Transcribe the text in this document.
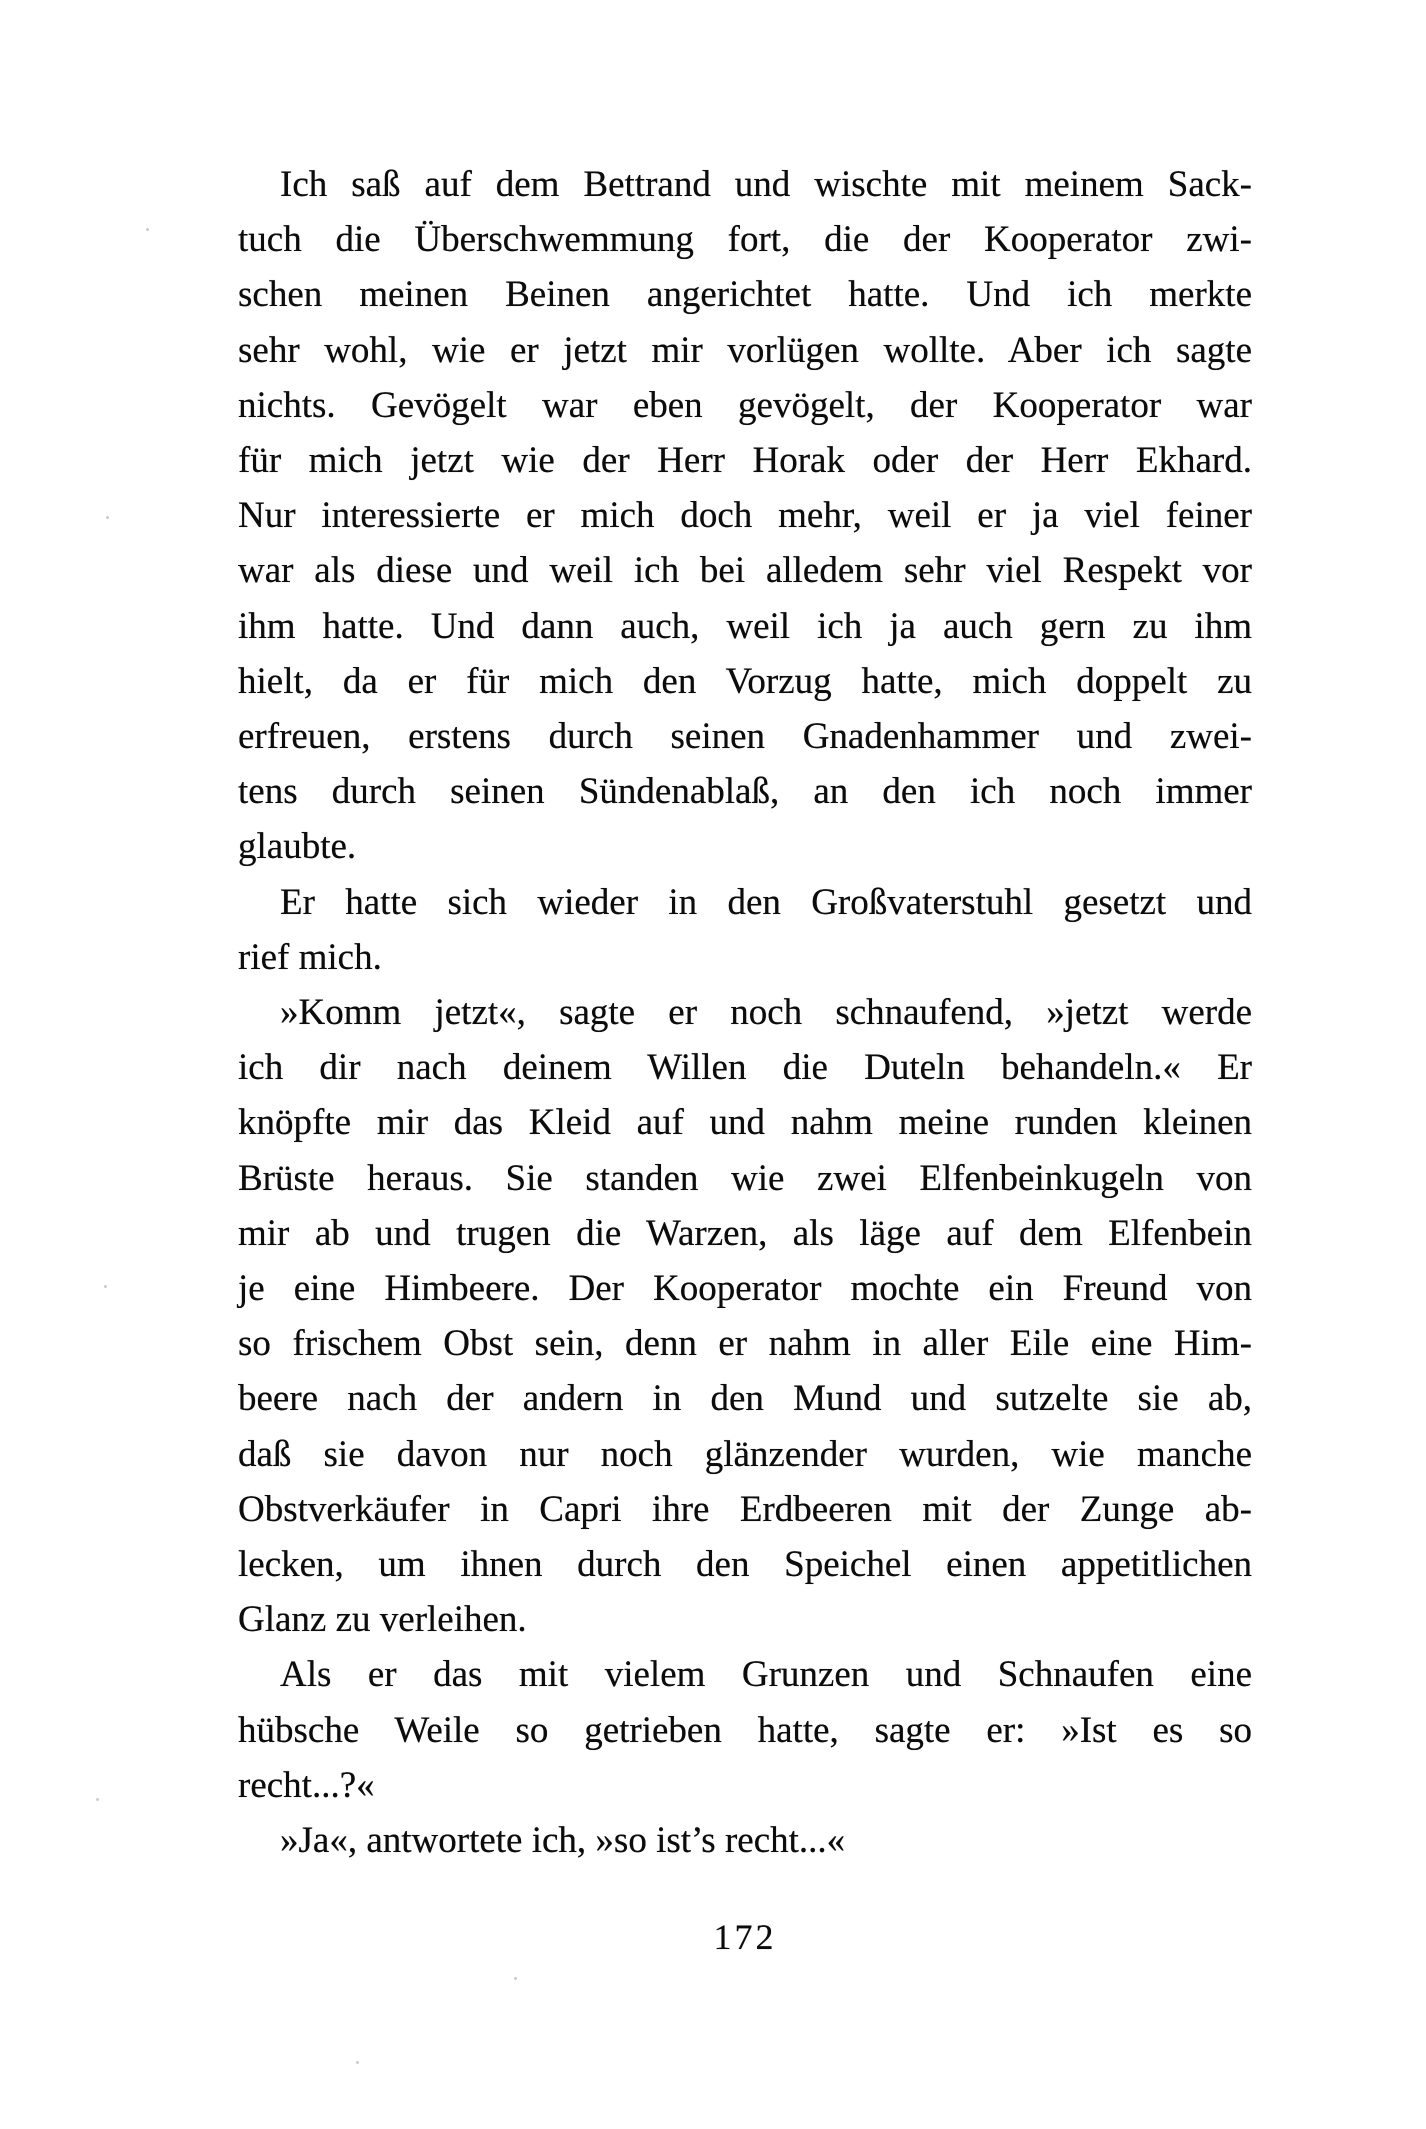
Ich saß auf dem Bettrand und wischte mit meinem Sack-
tuch die Überschwemmung fort, die der Kooperator zwi-
schen meinen Beinen angerichtet hatte. Und ich merkte
sehr wohl, wie er jetzt mir vorlügen wollte. Aber ich sagte
nichts. Gevögelt war eben gevögelt, der Kooperator war
für mich jetzt wie der Herr Horak oder der Herr Ekhard.
Nur interessierte er mich doch mehr, weil er ja viel feiner
war als diese und weil ich bei alledem sehr viel Respekt vor
ihm hatte. Und dann auch, weil ich ja auch gern zu ihm
hielt, da er für mich den Vorzug hatte, mich doppelt zu
erfreuen, erstens durch seinen Gnadenhammer und zwei-
tens durch seinen Sündenablaß, an den ich noch immer
glaubte.
Er hatte sich wieder in den Großvaterstuhl gesetzt und
rief mich.
»Komm jetzt«, sagte er noch schnaufend, »jetzt werde
ich dir nach deinem Willen die Duteln behandeln.« Er
knöpfte mir das Kleid auf und nahm meine runden kleinen
Brüste heraus. Sie standen wie zwei Elfenbeinkugeln von
mir ab und trugen die Warzen, als läge auf dem Elfenbein
je eine Himbeere. Der Kooperator mochte ein Freund von
so frischem Obst sein, denn er nahm in aller Eile eine Him-
beere nach der andern in den Mund und sutzelte sie ab,
daß sie davon nur noch glänzender wurden, wie manche
Obstverkäufer in Capri ihre Erdbeeren mit der Zunge ab-
lecken, um ihnen durch den Speichel einen appetitlichen
Glanz zu verleihen.
Als er das mit vielem Grunzen und Schnaufen eine
hübsche Weile so getrieben hatte, sagte er: »Ist es so
recht...?«
»Ja«, antwortete ich, »so ist’s recht...«
172
